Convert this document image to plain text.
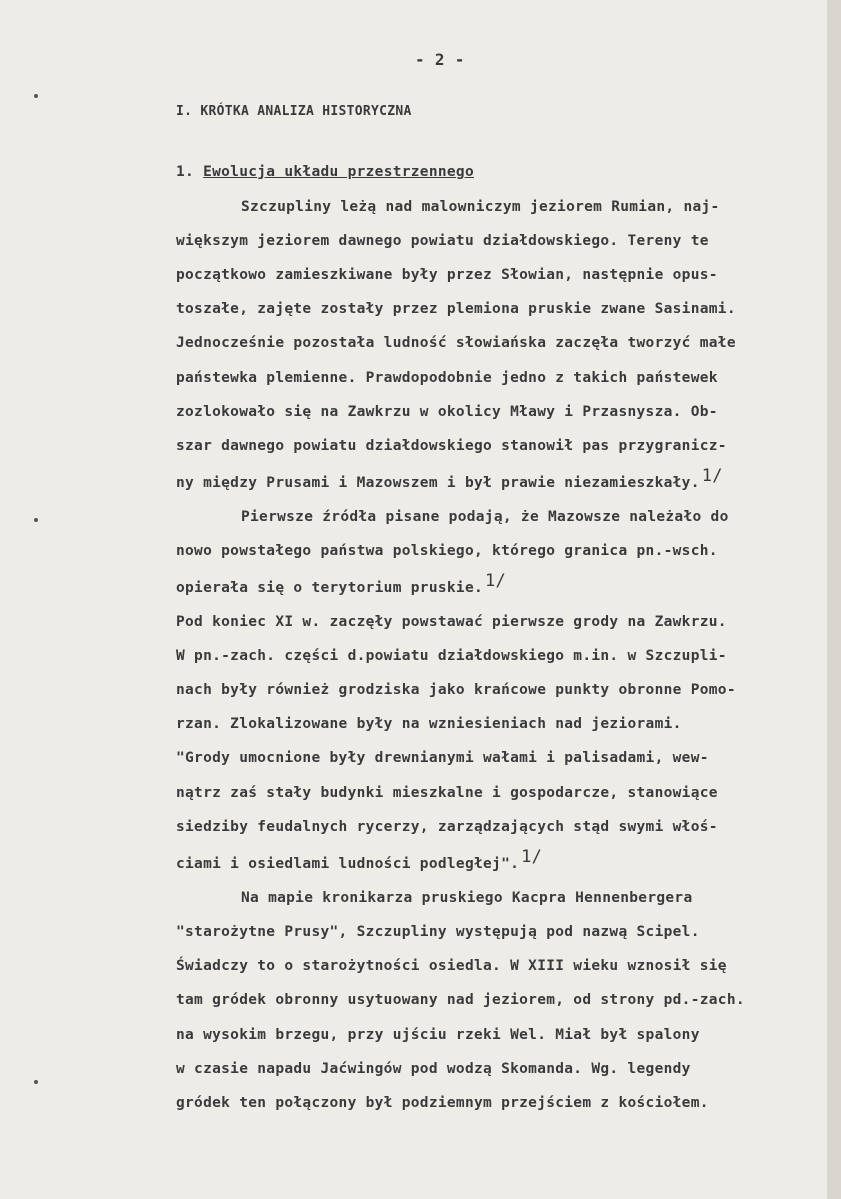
- 2 -
I. KRÓTKA ANALIZA HISTORYCZNA
1. Ewolucja układu przestrzennego
Szczupliny leżą nad malowniczym jeziorem Rumian, naj-
większym jeziorem dawnego powiatu działdowskiego. Tereny te
początkowo zamieszkiwane były przez Słowian, następnie opus-
toszałe, zajęte zostały przez plemiona pruskie zwane Sasinami.
Jednocześnie pozostała ludność słowiańska zaczęła tworzyć małe
państewka plemienne. Prawdopodobnie jedno z takich państewek
zozlokowało się na Zawkrzu w okolicy Mławy i Przasnysza. Ob-
szar dawnego powiatu działdowskiego stanowił pas przygranicz-
ny między Prusami i Mazowszem i był prawie niezamieszkały. 1/
Pierwsze źródła pisane podają, że Mazowsze należało do
nowo powstałego państwa polskiego, którego granica pn.-wsch.
opierała się o terytorium pruskie. 1/
Pod koniec XI w. zaczęły powstawać pierwsze grody na Zawkrzu.
W pn.-zach. części d.powiatu działdowskiego m.in. w Szczupli-
nach były również grodziska jako krańcowe punkty obronne Pomo-
rzan. Zlokalizowane były na wzniesieniach nad jeziorami.
"Grody umocnione były drewnianymi wałami i palisadami, wew-
nątrz zaś stały budynki mieszkalne i gospodarcze, stanowiące
siedziby feudalnych rycerzy, zarządzających stąd swymi włoś-
ciami i osiedlami ludności podległej". 1/
Na mapie kronikarza pruskiego Kacpra Hennenbergera
"starożytne Prusy", Szczupliny występują pod nazwą Scipel.
Świadczy to o starożytności osiedla. W XIII wieku wznosił się
tam gródek obronny usytuowany nad jeziorem, od strony pd.-zach.
na wysokim brzegu, przy ujściu rzeki Wel. Miał był spalony
w czasie napadu Jaćwingów pod wodzą Skomanda. Wg. legendy
gródek ten połączony był podziemnym przejściem z kościołem.
